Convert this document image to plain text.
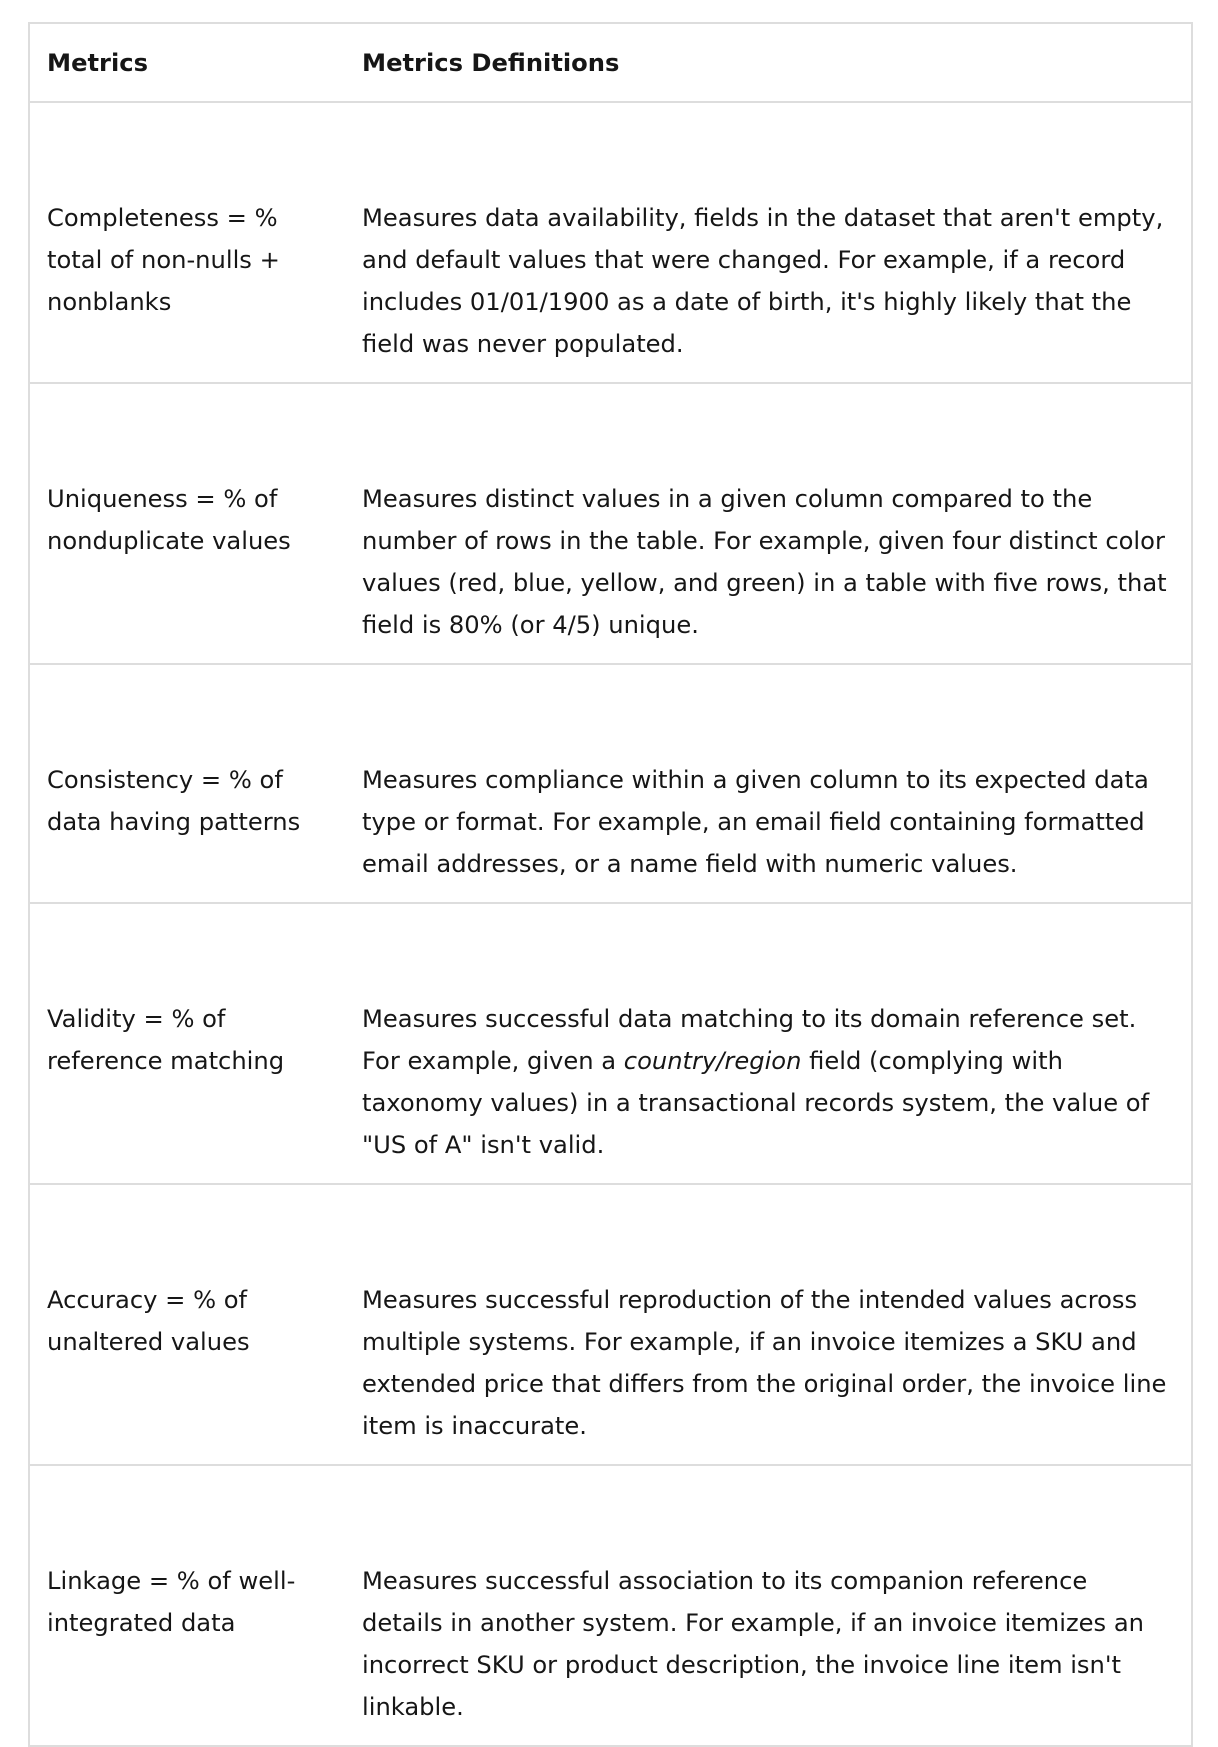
Metrics	Metrics Definitions
Completeness = % total of non-nulls + nonblanks	Measures data availability, fields in the dataset that aren't empty, and default values that were changed. For example, if a record includes 01/01/1900 as a date of birth, it's highly likely that the field was never populated.
Uniqueness = % of nonduplicate values	Measures distinct values in a given column compared to the number of rows in the table. For example, given four distinct color values (red, blue, yellow, and green) in a table with five rows, that field is 80% (or 4/5) unique.
Consistency = % of data having patterns	Measures compliance within a given column to its expected data type or format. For example, an email field containing formatted email addresses, or a name field with numeric values.
Validity = % of reference matching	Measures successful data matching to its domain reference set. For example, given a country/region field (complying with taxonomy values) in a transactional records system, the value of "US of A" isn't valid.
Accuracy = % of unaltered values	Measures successful reproduction of the intended values across multiple systems. For example, if an invoice itemizes a SKU and extended price that differs from the original order, the invoice line item is inaccurate.
Linkage = % of well-integrated data	Measures successful association to its companion reference details in another system. For example, if an invoice itemizes an incorrect SKU or product description, the invoice line item isn't linkable.
